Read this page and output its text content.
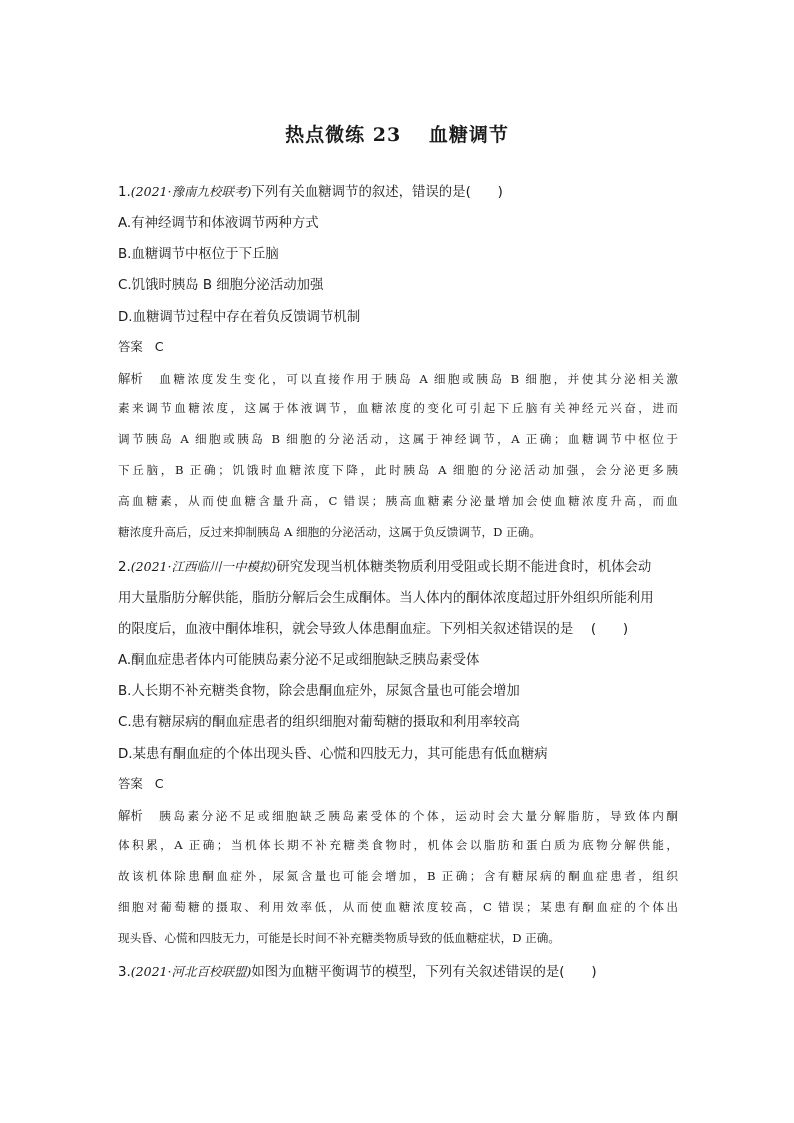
热点微练 23　 血糖调节
1.(2021·豫南九校联考)下列有关血糖调节的叙述，错误的是(　　)
A.有神经调节和体液调节两种方式
B.血糖调节中枢位于下丘脑
C.饥饿时胰岛 B 细胞分泌活动加强
D.血糖调节过程中存在着负反馈调节机制
答案 C
解析 血糖浓度发生变化，可以直接作用于胰岛 A 细胞或胰岛 B 细胞，并使其分泌相关激
素来调节血糖浓度，这属于体液调节，血糖浓度的变化可引起下丘脑有关神经元兴奋，进而
调节胰岛 A 细胞或胰岛 B 细胞的分泌活动，这属于神经调节，A 正确；血糖调节中枢位于
下丘脑，B 正确；饥饿时血糖浓度下降，此时胰岛 A 细胞的分泌活动加强，会分泌更多胰
高血糖素，从而使血糖含量升高，C 错误；胰高血糖素分泌量增加会使血糖浓度升高，而血
糖浓度升高后，反过来抑制胰岛 A 细胞的分泌活动，这属于负反馈调节，D 正确。
2.(2021·江西临川一中模拟)研究发现当机体糖类物质利用受阻或长期不能进食时，机体会动
用大量脂肪分解供能，脂肪分解后会生成酮体。当人体内的酮体浓度超过肝外组织所能利用
的限度后，血液中酮体堆积，就会导致人体患酮血症。下列相关叙述错误的是　 (　　)
A.酮血症患者体内可能胰岛素分泌不足或细胞缺乏胰岛素受体
B.人长期不补充糖类食物，除会患酮血症外，尿氮含量也可能会增加
C.患有糖尿病的酮血症患者的组织细胞对葡萄糖的摄取和利用率较高
D.某患有酮血症的个体出现头昏、心慌和四肢无力，其可能患有低血糖病
答案 C
解析 胰岛素分泌不足或细胞缺乏胰岛素受体的个体，运动时会大量分解脂肪，导致体内酮
体积累，A 正确；当机体长期不补充糖类食物时，机体会以脂肪和蛋白质为底物分解供能，
故该机体除患酮血症外，尿氮含量也可能会增加，B 正确；含有糖尿病的酮血症患者，组织
细胞对葡萄糖的摄取、利用效率低，从而使血糖浓度较高，C 错误；某患有酮血症的个体出
现头昏、心慌和四肢无力，可能是长时间不补充糖类物质导致的低血糖症状，D 正确。
3.(2021·河北百校联盟)如图为血糖平衡调节的模型，下列有关叙述错误的是(　　)
